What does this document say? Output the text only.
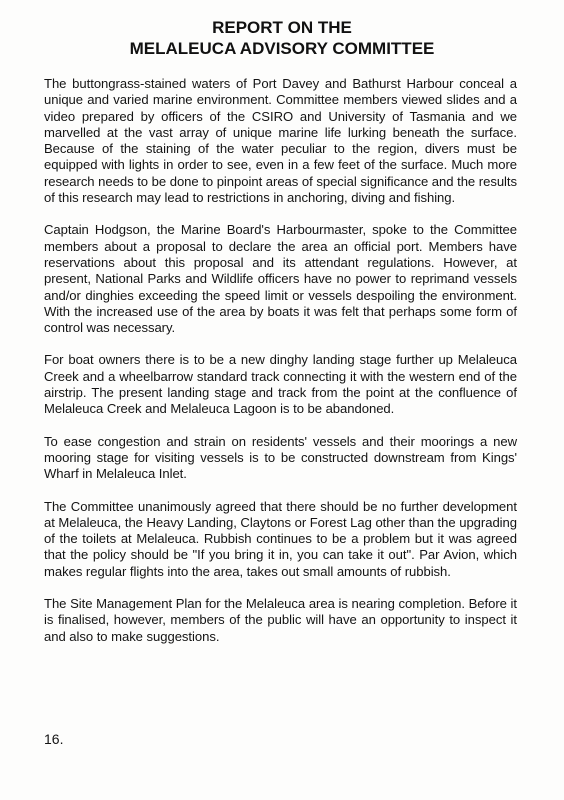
REPORT ON THE
MELALEUCA ADVISORY COMMITTEE

The buttongrass-stained waters of Port Davey and Bathurst Harbour conceal a unique and varied marine environment. Committee members viewed slides and a video prepared by officers of the CSIRO and University of Tasmania and we marvelled at the vast array of unique marine life lurking beneath the surface. Because of the staining of the water peculiar to the region, divers must be equipped with lights in order to see, even in a few feet of the surface. Much more research needs to be done to pinpoint areas of special significance and the results of this research may lead to restrictions in anchoring, diving and fishing.

Captain Hodgson, the Marine Board's Harbourmaster, spoke to the Committee members about a proposal to declare the area an official port. Members have reservations about this proposal and its attendant regulations. However, at present, National Parks and Wildlife officers have no power to reprimand vessels and/or dinghies exceeding the speed limit or vessels despoiling the environment. With the increased use of the area by boats it was felt that perhaps some form of control was necessary.

For boat owners there is to be a new dinghy landing stage further up Melaleuca Creek and a wheelbarrow standard track connecting it with the western end of the airstrip. The present landing stage and track from the point at the confluence of Melaleuca Creek and Melaleuca Lagoon is to be abandoned.

To ease congestion and strain on residents' vessels and their moorings a new mooring stage for visiting vessels is to be constructed downstream from Kings' Wharf in Melaleuca Inlet.

The Committee unanimously agreed that there should be no further development at Melaleuca, the Heavy Landing, Claytons or Forest Lag other than the upgrading of the toilets at Melaleuca. Rubbish continues to be a problem but it was agreed that the policy should be "If you bring it in, you can take it out". Par Avion, which makes regular flights into the area, takes out small amounts of rubbish.

The Site Management Plan for the Melaleuca area is nearing completion. Before it is finalised, however, members of the public will have an opportunity to inspect it and also to make suggestions.

16.
